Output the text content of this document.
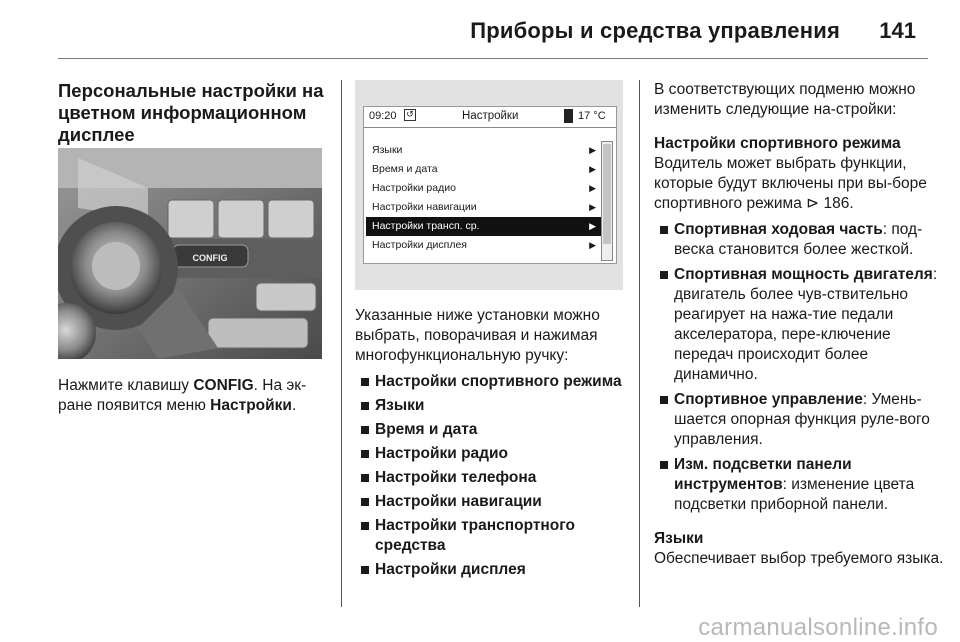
Приборы и средства управления 141

Персональные настройки на цветном информационном дисплее

CONFIG

Нажмите клавишу CONFIG. На эк-ране появится меню Настройки.

09:20 ↺	Настройки	17 °C
Языки	▶
Время и дата	▶
Настройки радио	▶
Настройки навигации	▶
Настройки трансп. ср.	▶
Настройки дисплея	▶

Указанные ниже установки можно выбрать, поворачивая и нажимая многофункциональную ручку:

Настройки спортивного режима

Языки

Время и дата

Настройки радио

Настройки телефона

Настройки навигации

Настройки транспортного средства

Настройки дисплея

В соответствующих подменю можно изменить следующие на-стройки:

Настройки спортивного режима

Водитель может выбрать функции, которые будут включены при вы-боре спортивного режима ⊳ 186.

Спортивная ходовая часть: под-веска становится более жесткой.

Спортивная мощность двигателя: двигатель более чув-ствительно реагирует на нажа-тие педали акселератора, пере-ключение передач происходит более динамично.

Спортивное управление: Умень-шается опорная функция руле-вого управления.

Изм. подсветки панели инструментов: изменение цвета подсветки приборной панели.

Языки

Обеспечивает выбор требуемого языка.

carmanualsonline.info
